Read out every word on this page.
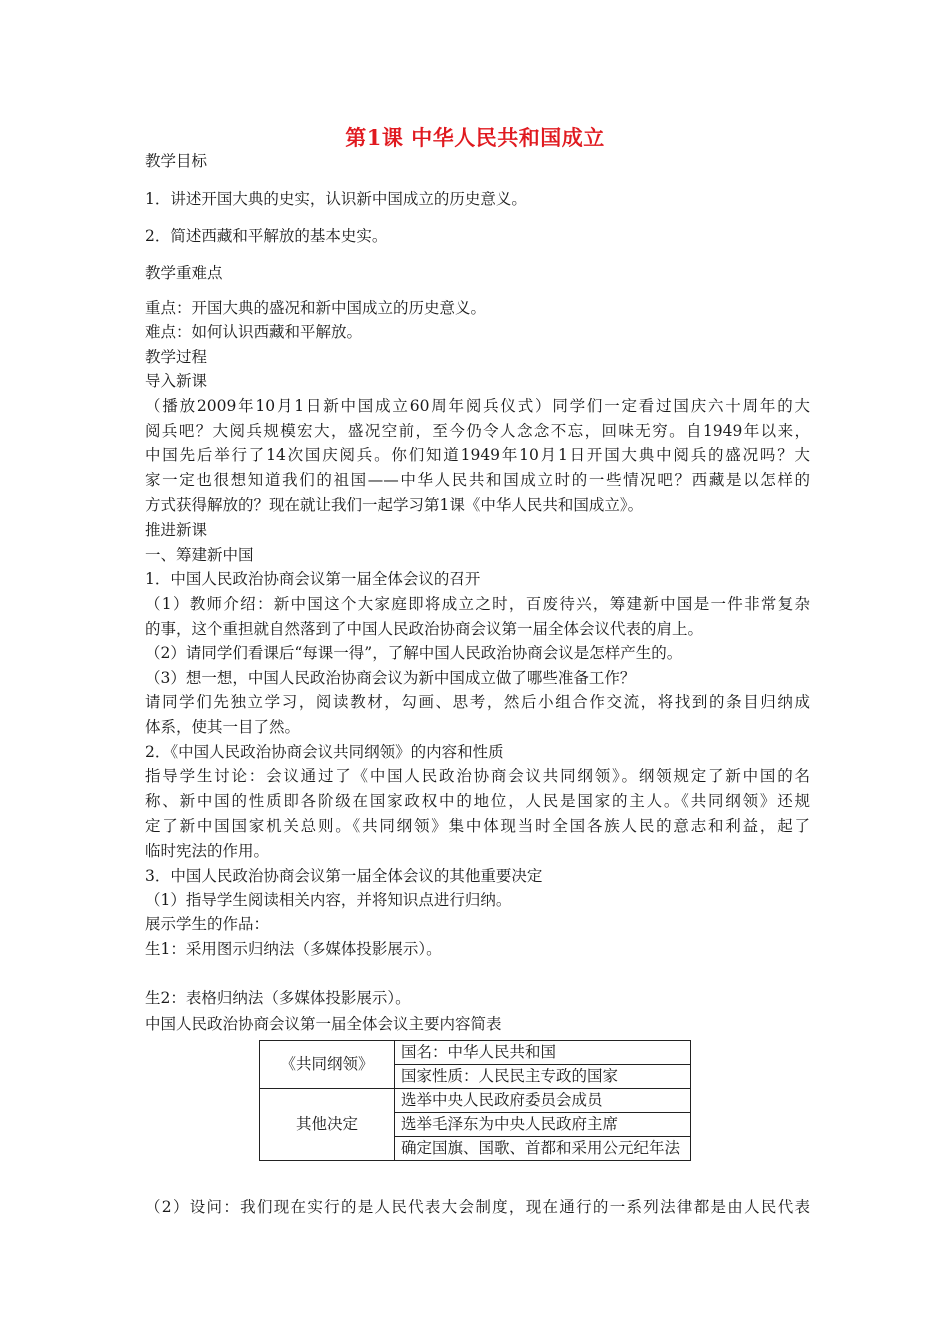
第1课 中华人民共和国成立
教学目标
1．讲述开国大典的史实，认识新中国成立的历史意义。
2．简述西藏和平解放的基本史实。
教学重难点
重点：开国大典的盛况和新中国成立的历史意义。
难点：如何认识西藏和平解放。
教学过程
导入新课
（播放2009年10月1日新中国成立60周年阅兵仪式）同学们一定看过国庆六十周年的大
阅兵吧？大阅兵规模宏大，盛况空前，至今仍令人念念不忘，回味无穷。自1949年以来，
中国先后举行了14次国庆阅兵。你们知道1949年10月1日开国大典中阅兵的盛况吗？大
家一定也很想知道我们的祖国——中华人民共和国成立时的一些情况吧？西藏是以怎样的
方式获得解放的？现在就让我们一起学习第1课《中华人民共和国成立》。
推进新课
一、筹建新中国
1．中国人民政治协商会议第一届全体会议的召开
（1）教师介绍：新中国这个大家庭即将成立之时，百废待兴，筹建新中国是一件非常复杂
的事，这个重担就自然落到了中国人民政治协商会议第一届全体会议代表的肩上。
（2）请同学们看课后“每课一得”，了解中国人民政治协商会议是怎样产生的。
（3）想一想，中国人民政治协商会议为新中国成立做了哪些准备工作？
请同学们先独立学习，阅读教材，勾画、思考，然后小组合作交流，将找到的条目归纳成
体系，使其一目了然。
2．《中国人民政治协商会议共同纲领》的内容和性质
指导学生讨论：会议通过了《中国人民政治协商会议共同纲领》。纲领规定了新中国的名
称、新中国的性质即各阶级在国家政权中的地位，人民是国家的主人。《共同纲领》还规
定了新中国国家机关总则。《共同纲领》集中体现当时全国各族人民的意志和利益，起了
临时宪法的作用。
3．中国人民政治协商会议第一届全体会议的其他重要决定
（1）指导学生阅读相关内容，并将知识点进行归纳。
展示学生的作品：
生1：采用图示归纳法（多媒体投影展示）。
生2：表格归纳法（多媒体投影展示）。
中国人民政治协商会议第一届全体会议主要内容简表
《共同纲领》	国名：中华人民共和国
	国家性质：人民民主专政的国家
其他决定	选举中央人民政府委员会成员
	选举毛泽东为中央人民政府主席
	确定国旗、国歌、首都和采用公元纪年法
（2）设问：我们现在实行的是人民代表大会制度，现在通行的一系列法律都是由人民代表
